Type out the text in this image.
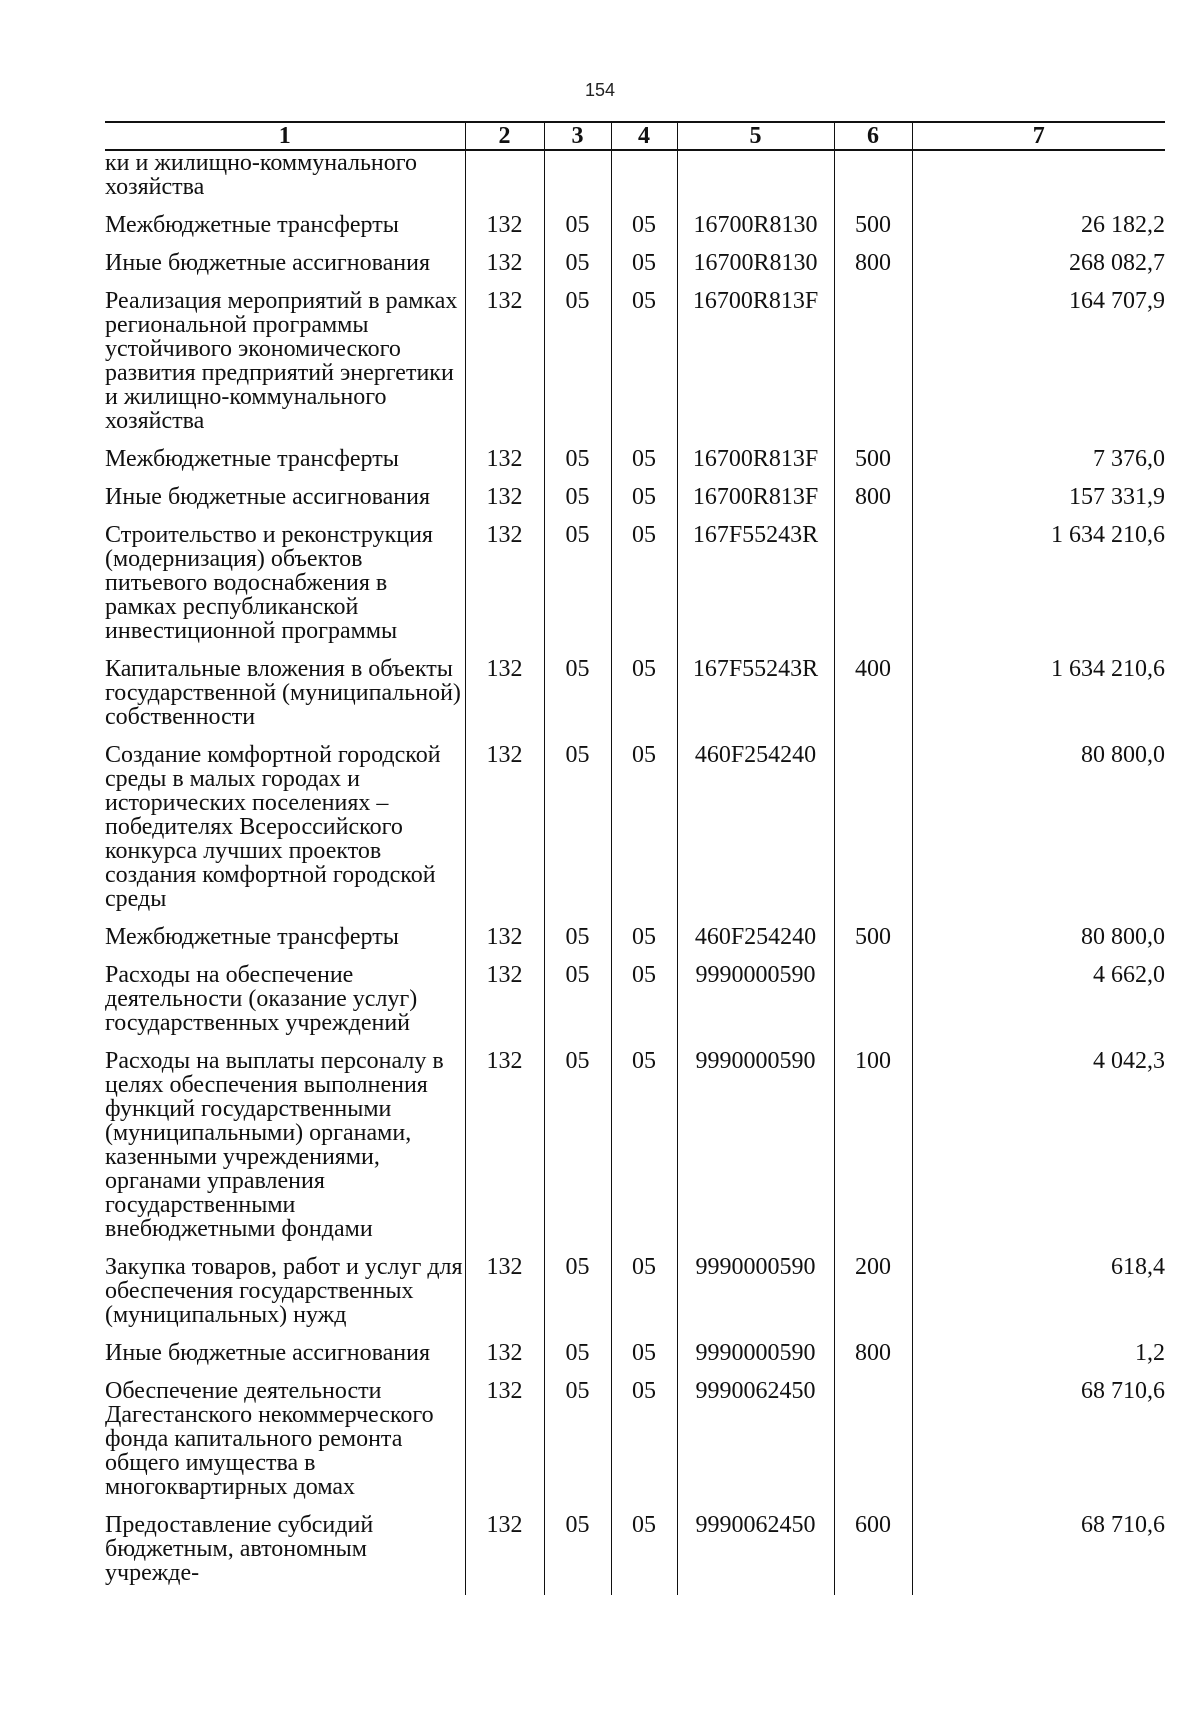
154
1	2	3	4	5	6	7
ки и жилищно-коммунального хозяйства						
Межбюджетные трансферты	132	05	05	16700R8130	500	26 182,2
Иные бюджетные ассигнования	132	05	05	16700R8130	800	268 082,7
Реализация мероприятий в рамках региональной программы устойчивого экономического развития предприятий энергетики и жилищно-коммунального хозяйства	132	05	05	16700R813F		164 707,9
Межбюджетные трансферты	132	05	05	16700R813F	500	7 376,0
Иные бюджетные ассигнования	132	05	05	16700R813F	800	157 331,9
Строительство и реконструкция (модернизация) объектов питьевого водоснабжения в рамках республиканской инвестиционной программы	132	05	05	167F55243R		1 634 210,6
Капитальные вложения в объекты государственной (муниципальной) собственности	132	05	05	167F55243R	400	1 634 210,6
Создание комфортной городской среды в малых городах и исторических поселениях – победителях Всероссийского конкурса лучших проектов создания комфортной городской среды	132	05	05	460F254240		80 800,0
Межбюджетные трансферты	132	05	05	460F254240	500	80 800,0
Расходы на обеспечение деятельности (оказание услуг) государственных учреждений	132	05	05	9990000590		4 662,0
Расходы на выплаты персоналу в целях обеспечения выполнения функций государственными (муниципальными) органами, казенными учреждениями, органами управления государственными внебюджетными фондами	132	05	05	9990000590	100	4 042,3
Закупка товаров, работ и услуг для обеспечения государственных (муниципальных) нужд	132	05	05	9990000590	200	618,4
Иные бюджетные ассигнования	132	05	05	9990000590	800	1,2
Обеспечение деятельности Дагестанского некоммерческого фонда капитального ремонта общего имущества в многоквартирных домах	132	05	05	9990062450		68 710,6
Предоставление субсидий бюджетным, автономным учрежде-	132	05	05	9990062450	600	68 710,6
